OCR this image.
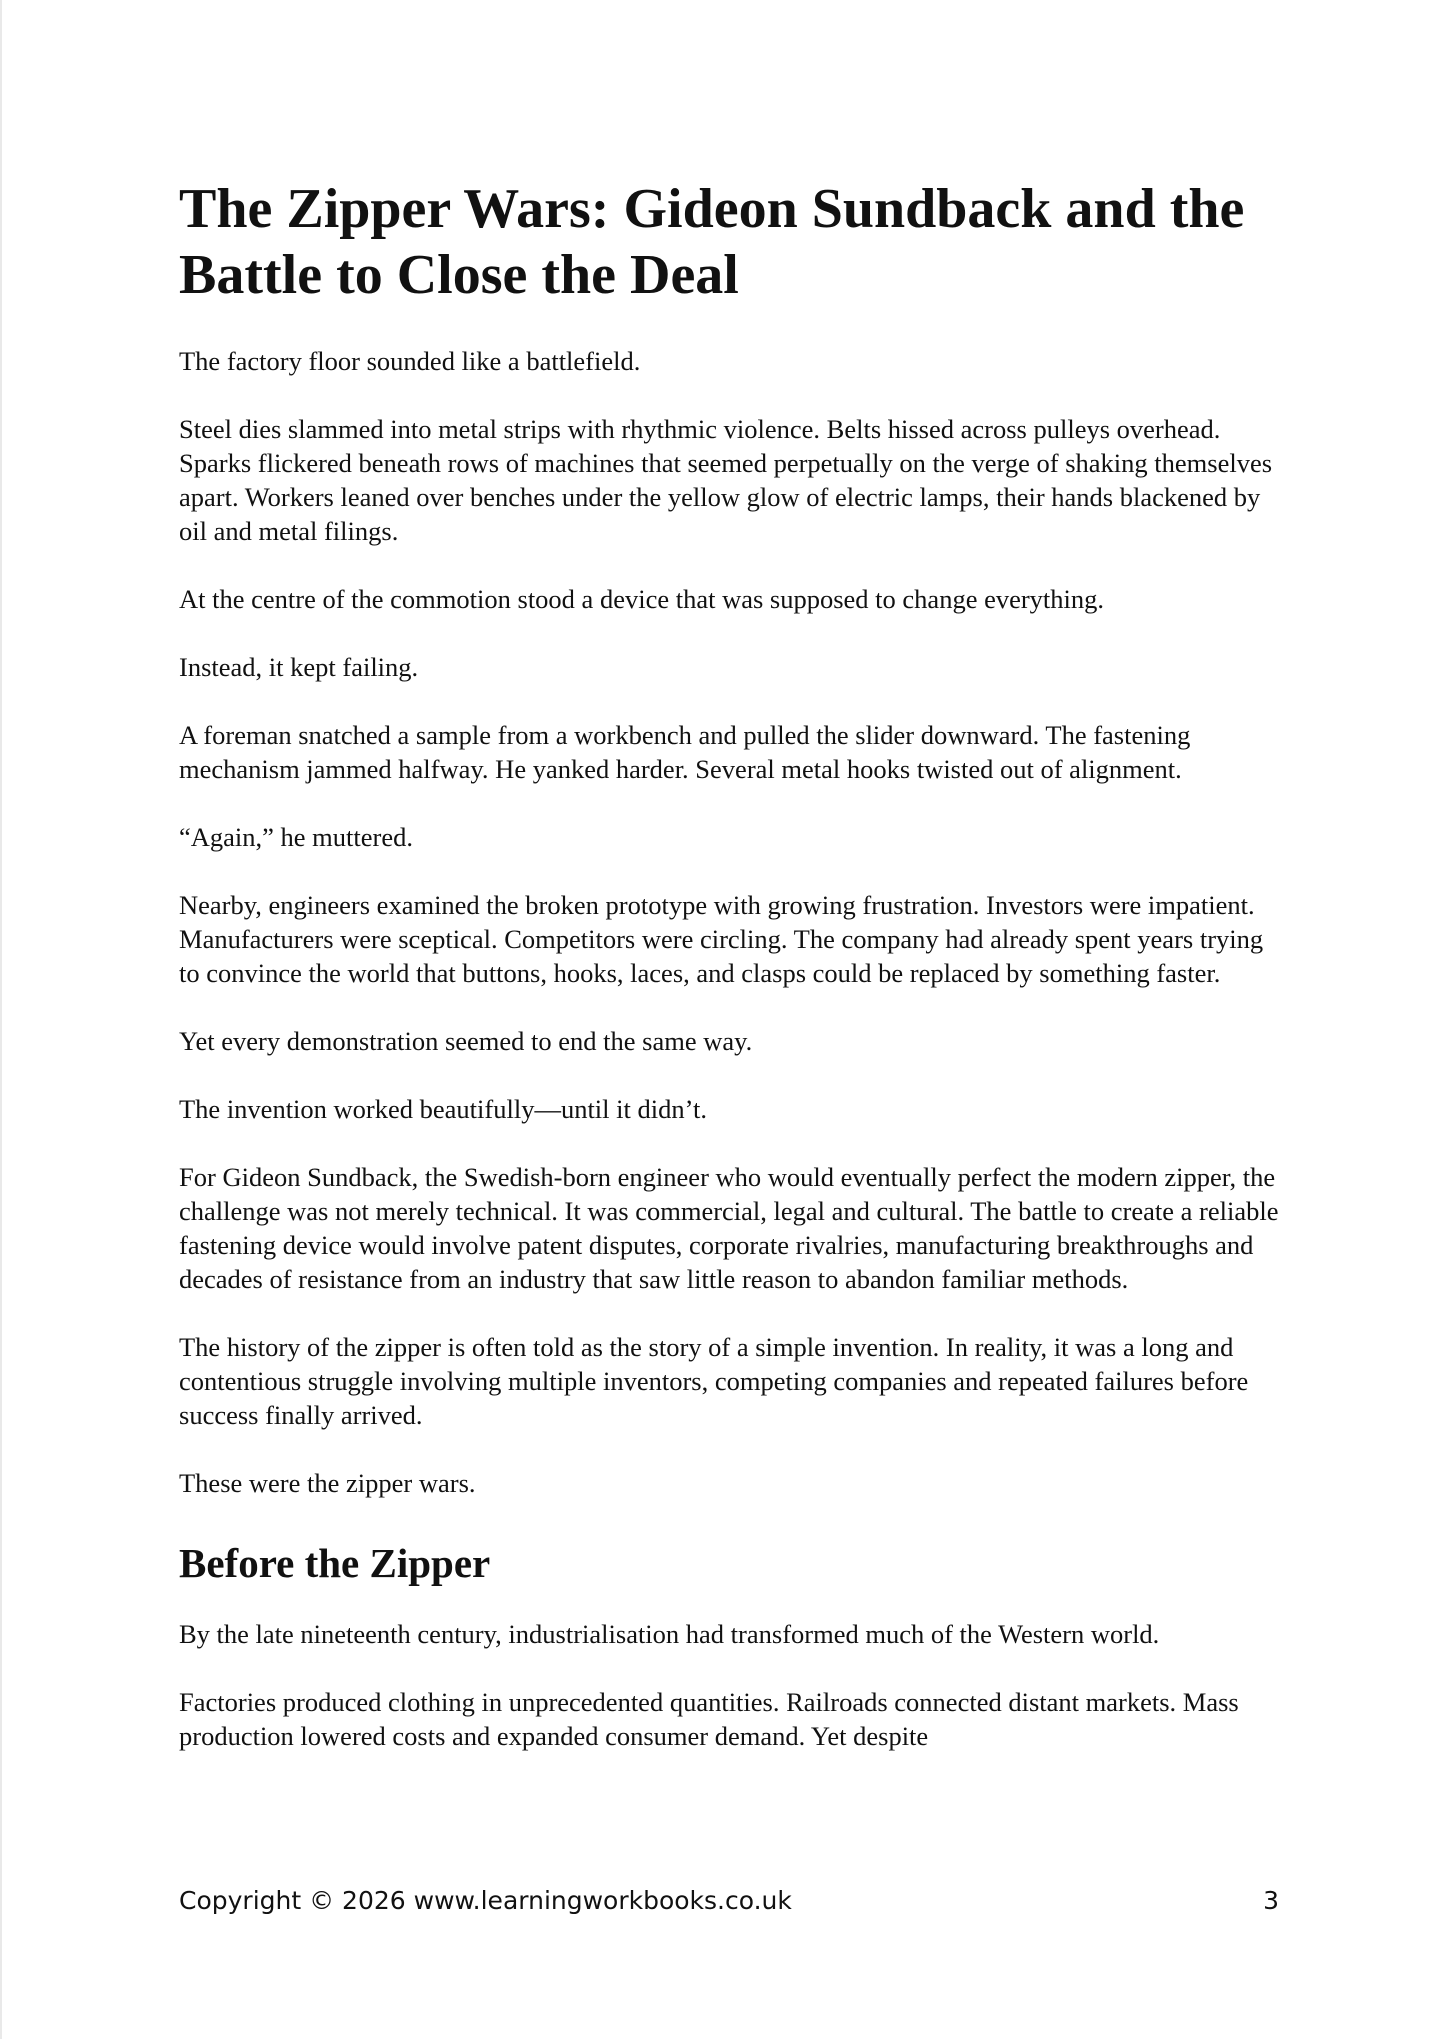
The Zipper Wars: Gideon Sundback and the Battle to Close the Deal

The factory floor sounded like a battlefield.

Steel dies slammed into metal strips with rhythmic violence. Belts hissed across pulleys overhead. Sparks flickered beneath rows of machines that seemed perpetually on the verge of shaking themselves apart. Workers leaned over benches under the yellow glow of electric lamps, their hands blackened by oil and metal filings.

At the centre of the commotion stood a device that was supposed to change everything.

Instead, it kept failing.

A foreman snatched a sample from a workbench and pulled the slider downward. The fastening mechanism jammed halfway. He yanked harder. Several metal hooks twisted out of alignment.

“Again,” he muttered.

Nearby, engineers examined the broken prototype with growing frustration. Investors were impatient. Manufacturers were sceptical. Competitors were circling. The company had already spent years trying to convince the world that buttons, hooks, laces, and clasps could be replaced by something faster.

Yet every demonstration seemed to end the same way.

The invention worked beautifully—until it didn’t.

For Gideon Sundback, the Swedish-born engineer who would eventually perfect the modern zipper, the challenge was not merely technical. It was commercial, legal and cultural. The battle to create a reliable fastening device would involve patent disputes, corporate rivalries, manufacturing breakthroughs and decades of resistance from an industry that saw little reason to abandon familiar methods.

The history of the zipper is often told as the story of a simple invention. In reality, it was a long and contentious struggle involving multiple inventors, competing companies and repeated failures before success finally arrived.

These were the zipper wars.

Before the Zipper

By the late nineteenth century, industrialisation had transformed much of the Western world.

Factories produced clothing in unprecedented quantities. Railroads connected distant markets. Mass production lowered costs and expanded consumer demand. Yet despite

Copyright © 2026 www.learningworkbooks.co.uk	3
